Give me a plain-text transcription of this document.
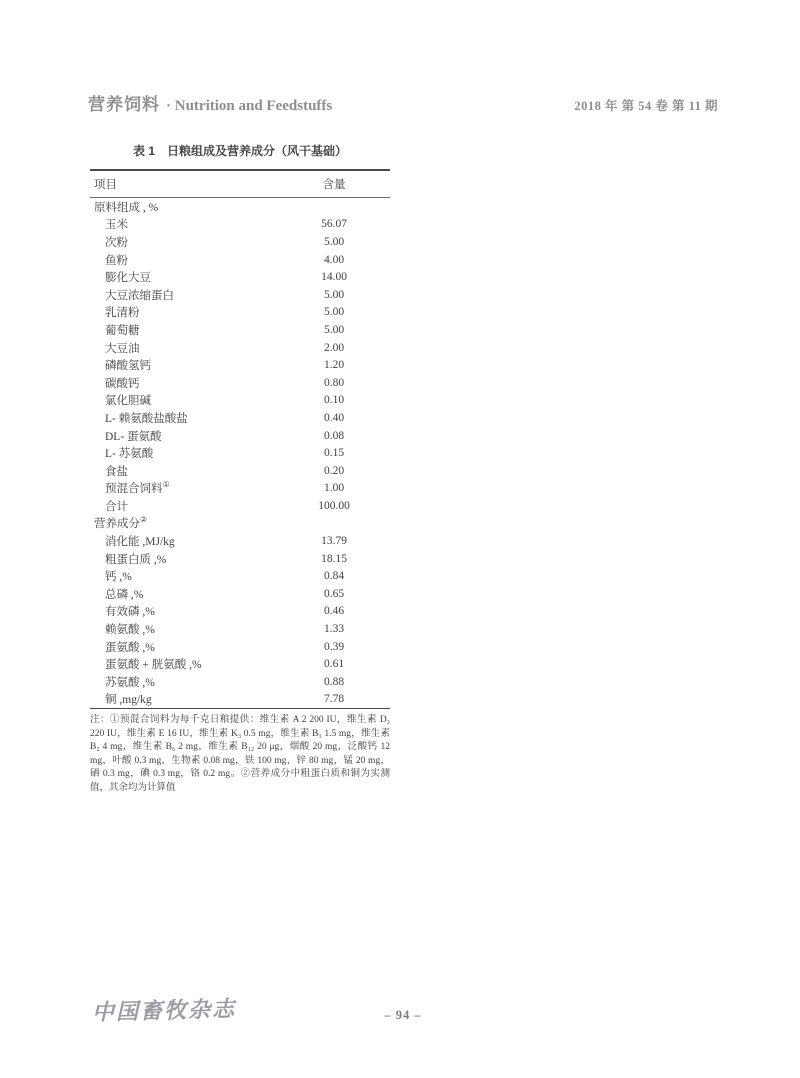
营养饲料 · Nutrition and Feedstuffs	2018 年 第 54 卷 第 11 期
表 1　日粮组成及营养成分（风干基础）
项目	含量
原料组成 , %
玉米	56.07
次粉	5.00
鱼粉	4.00
膨化大豆	14.00
大豆浓缩蛋白	5.00
乳清粉	5.00
葡萄糖	5.00
大豆油	2.00
磷酸氢钙	1.20
碳酸钙	0.80
氯化胆碱	0.10
L- 赖氨酸盐酸盐	0.40
DL- 蛋氨酸	0.08
L- 苏氨酸	0.15
食盐	0.20
预混合饲料①	1.00
合计	100.00
营养成分②
消化能 ,MJ/kg	13.79
粗蛋白质 ,%	18.15
钙 ,%	0.84
总磷 ,%	0.65
有效磷 ,%	0.46
赖氨酸 ,%	1.33
蛋氨酸 ,%	0.39
蛋氨酸 + 胱氨酸 ,%	0.61
苏氨酸 ,%	0.88
铜 ,mg/kg	7.78
注：①预混合饲料为每千克日粮提供：维生素 A 2 200 IU，维生素 D₃ 220 IU，维生素 E 16 IU，维生素 K₃ 0.5 mg，维生素 B₁ 1.5 mg，维生素 B₂ 4 mg，维生素 B₆ 2 mg，维生素 B₁₂ 20 μg，烟酸 20 mg，泛酸钙 12 mg，叶酸 0.3 mg，生物素 0.08 mg，铁 100 mg，锌 80 mg，锰 20 mg，硒 0.3 mg，碘 0.3 mg，铬 0.2 mg。②营养成分中粗蛋白质和铜为实测值，其余均为计算值

中国畜牧杂志	– 94 –
